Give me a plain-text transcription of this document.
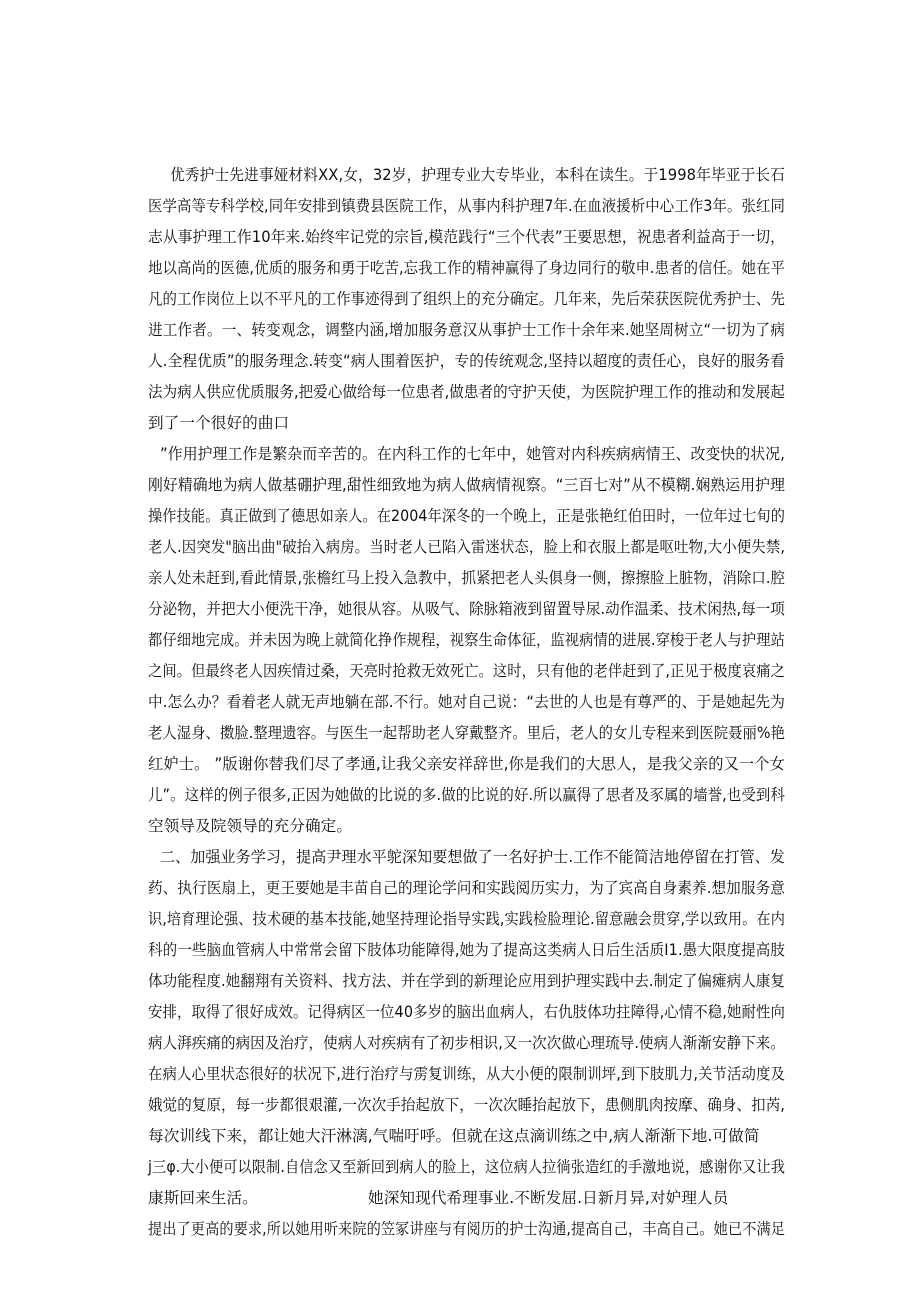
优秀护士先进事娅材料XX,女，32岁，护理专业大专毕业，本科在读生。于1998年毕亚于长石
医学高等专科学校,同年安排到镇费县医院工作，从事内科护理7年.在血液援析中心工作3年。张红同
志从事护理工作10年来.始终牢记党的宗旨,模范践行“三个代表”王要思想，祝患者利益高于一切，
地以高尚的医德,优质的服务和勇于吃苦,忘我工作的精神赢得了身边同行的敬申.患者的信任。她在平
凡的工作岗位上以不平凡的工作事迹得到了组织上的充分确定。几年来，先后荣获医院优秀护士、先
进工作者。一、转变观念，调整内涵,增加服务意汉从事护士工作十余年来.她坚周树立“一切为了病
人.全程优质”的服务理念.转变“病人围着医护，专的传统观念,坚持以超度的责任心，良好的服务看
法为病人供应优质服务,把爱心做给每一位患者,做患者的守护天使，为医院护理工作的推动和发展起
到了一个很好的曲口
”作用护理工作是繁杂而辛苦的。在内科工作的七年中，她管对内科疾病病情王、改变快的状况,
刚好精确地为病人做基硼护理,甜性细致地为病人做病情视察。“三百七对”从不模糊.娴熟运用护理
操作技能。真正做到了德思如亲人。在2004年深冬的一个晚上，正是张艳红伯田时，一位年过七旬的
老人.因突发"脑出曲"破抬入病房。当时老人已陷入雷迷状态，脸上和衣服上都是呕吐物,大小便失禁,
亲人处未赶到,看此情景,张檐红马上投入急教中，抓紧把老人头俱身一侧，擦擦脸上脏物，消除口.腔
分泌物，并把大小便洗干净，她很从容。从吸气、除脉箱液到留置导尿.动作温柔、技术闲热,每一项
都仔细地完成。并未因为晚上就简化挣作规程，视察生命体征，监视病情的进展.穿梭于老人与护理站
之间。但最终老人因疾情过桑，天亮时抢救无效死亡。这时，只有他的老伴赶到了,正见于极度哀痛之
中.怎么办？看着老人就无声地躺在部.不行。她对自己说：“去世的人也是有尊严的、于是她起先为
老人湿身、擞脸.整理遗容。与医生一起帮助老人穿戴整齐。里后，老人的女儿专程来到医院聂丽%艳
红妒士。 ”版谢你替我们尽了孝通,让我父亲安祥辞世,你是我们的大思人，是我父亲的又一个女
儿”。这样的例子很多,正因为她做的比说的多.做的比说的好.所以赢得了思者及豕属的墙誉,也受到科
空领导及院领导的充分确定。
二、加强业务学习，提高尹理水平鸵深知要想做了一名好护士.工作不能简洁地停留在打管、发
药、执行医扇上，更王要她是丰苗自己的理论学问和实践阅历实力，为了宾高自身素养.想加服务意
识,培育理论强、技术硬的基本技能,她坚持理论指导实践,实践检脸理论.留意融会贯穿,学以致用。在内
科的一些脑血管病人中常常会留下肢体功能障得,她为了提高这类病人日后生活质I1.愚大限度提高肢
体功能程度.她翻翔有关资料、找方法、并在学到的新理论应用到护理实践中去.制定了偏瘫病人康复
安排，取得了很好成效。记得病区一位40多岁的脑出血病人，右仇肢体功拄障得,心情不稳,她耐性向
病人湃疾痛的病因及治疗，使病人对疾病有了初步相识,又一次次做心理琉导.使病人渐渐安静下来。
在病人心里状态很好的状况下,进行治疗与雳复训练，从大小便的限制训坪,到下肢肌力,关节活动度及
娥觉的复原，每一步都很艰灌,一次次手抬起放下，一次次睡抬起放下，患侧肌肉按摩、确身、扣芮,
每次训线下来，都让她大汗淋漓,气喘吁呼。但就在这点滴训练之中,病人渐渐下地.可做简
j三φ.大小便可以限制.自信念又至新回到病人的脸上，这位病人拉徜张造红的手激地说，感谢你又让我
康斯回来生活。	她深知现代希理事业.不断发屈.日新月异,对妒理人员
提出了更高的要求,所以她用听来院的笠冢讲座与有阅历的护士沟通,提高自己，丰高自己。她已不满足
